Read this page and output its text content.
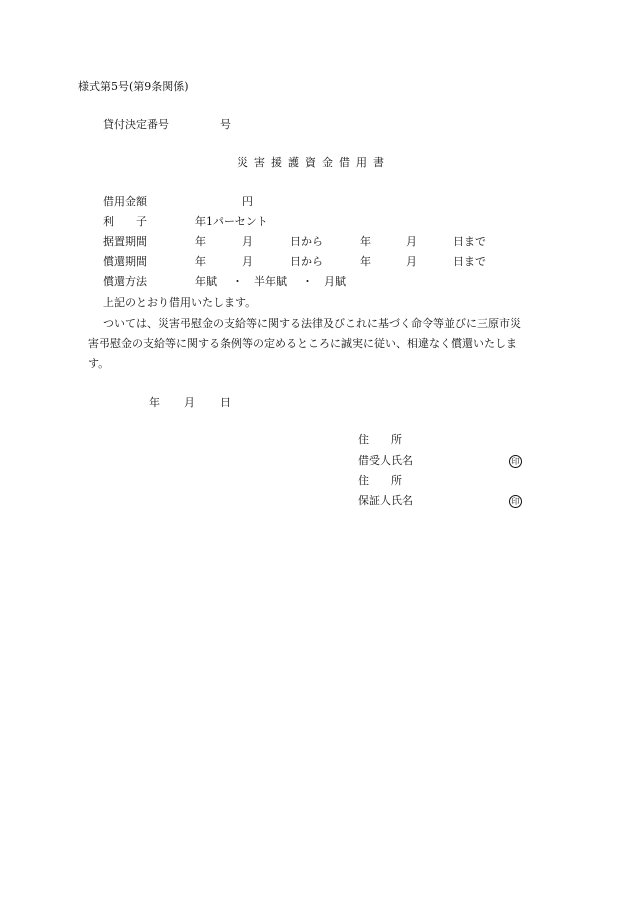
様式第5号(第9条関係)
貸付決定番号	号
災害援護資金借用書
借用金額	円
利　　子	年1パーセント
据置期間	年	月	日から	年	月	日まで
償還期間	年	月	日から	年	月	日まで
償還方法	年賦 ・ 半年賦 ・ 月賦
上記のとおり借用いたします。
ついては、災害弔慰金の支給等に関する法律及びこれに基づく命令等並びに三原市災
害弔慰金の支給等に関する条例等の定めるところに誠実に従い、相違なく償還いたしま
す。
年 月 日
住　　所
借受人氏名	印
住　　所
保証人氏名	印
